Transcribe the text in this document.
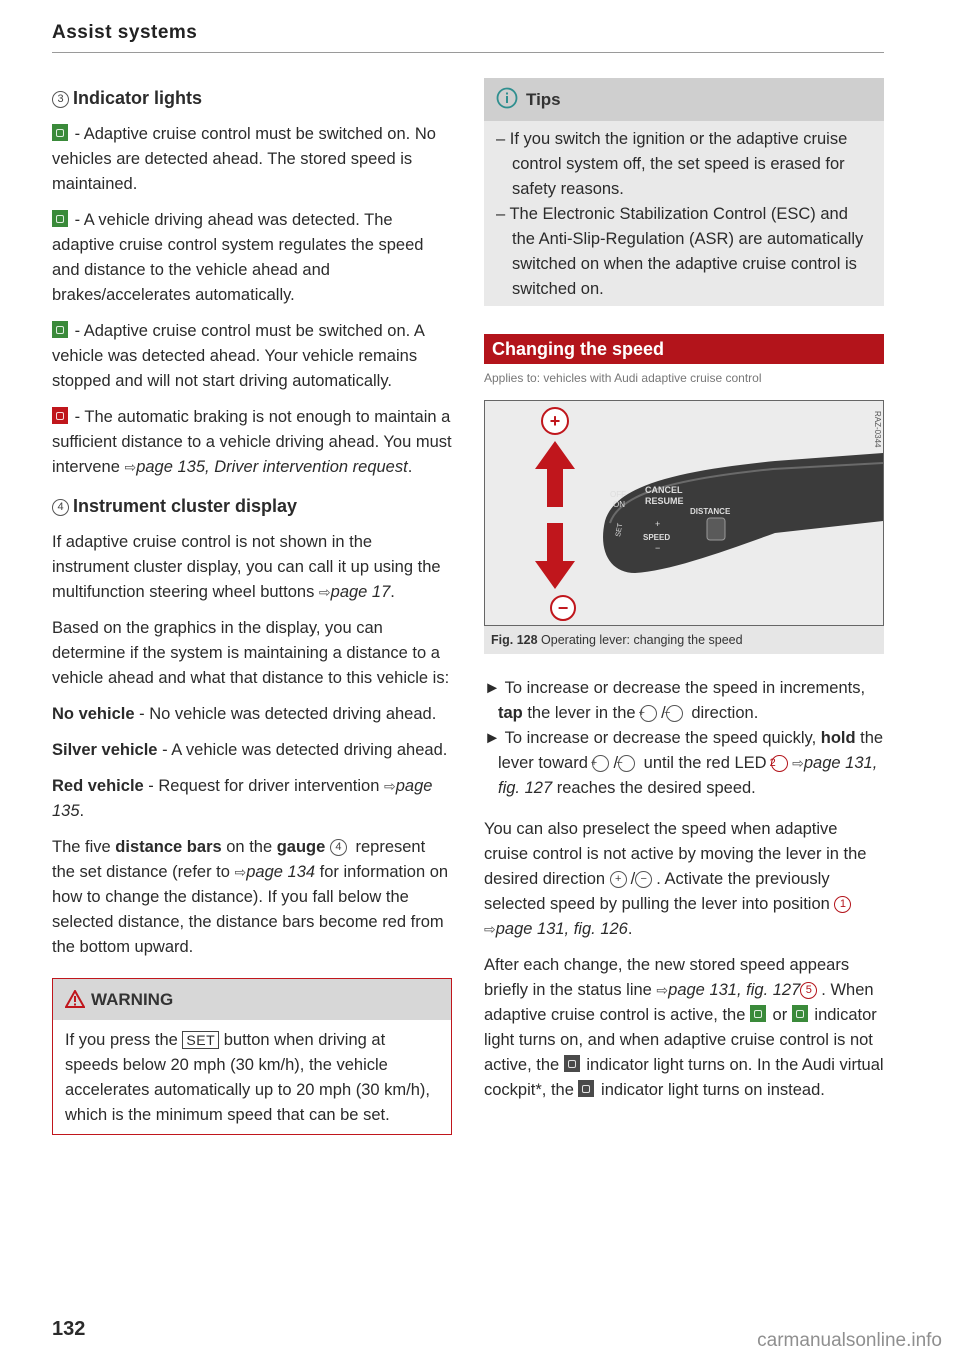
Assist systems
3 Indicator lights

- Adaptive cruise control must be switched on. No vehicles are detected ahead. The stored speed is maintained.

- A vehicle driving ahead was detected. The adaptive cruise control system regulates the speed and distance to the vehicle ahead and brakes/accelerates automatically.

- Adaptive cruise control must be switched on. A vehicle was detected ahead. Your vehicle remains stopped and will not start driving automatically.

- The automatic braking is not enough to maintain a sufficient distance to a vehicle driving ahead. You must intervene ⇨page 135, Driver intervention request.

4 Instrument cluster display

If adaptive cruise control is not shown in the instrument cluster display, you can call it up using the multifunction steering wheel buttons ⇨page 17.

Based on the graphics in the display, you can determine if the system is maintaining a distance to a vehicle ahead and what that distance to this vehicle is:

No vehicle - No vehicle was detected driving ahead.

Silver vehicle - A vehicle was detected driving ahead.

Red vehicle - Request for driver intervention ⇨page 135.

The five distance bars on the gauge 4 represent the set distance (refer to ⇨page 134 for information on how to change the distance). If you fall below the selected distance, the distance bars become red from the bottom upward.

WARNING
If you press the SET button when driving at speeds below 20 mph (30 km/h), the vehicle accelerates automatically up to 20 mph (30 km/h), which is the minimum speed that can be set.
132
Tips
– If you switch the ignition or the adaptive cruise control system off, the set speed is erased for safety reasons.
– The Electronic Stabilization Control (ESC) and the Anti-Slip-Regulation (ASR) are automatically switched on when the adaptive cruise control is switched on.
Changing the speed
Applies to: vehicles with Audi adaptive cruise control
+
−
OFF
ON
CANCEL
RESUME
DISTANCE
SPEED
SET	+
−
RAZ-0344
Fig. 128 Operating lever: changing the speed
► To increase or decrease the speed in increments, tap the lever in the + /− direction.
► To increase or decrease the speed quickly, hold the lever toward + /− until the red LED 2 ⇨page 131, fig. 127 reaches the desired speed.

You can also preselect the speed when adaptive cruise control is not active by moving the lever in the desired direction + / − . Activate the previously selected speed by pulling the lever into position 1⇨page 131, fig. 126.

After each change, the new stored speed appears briefly in the status line ⇨page 131, fig. 127 5 . When adaptive cruise control is active, the  or  indicator light turns on, and when adaptive cruise control is not active, the  indicator light turns on. In the Audi virtual cockpit*, the  indicator light turns on instead.

carmanualsonline.info
